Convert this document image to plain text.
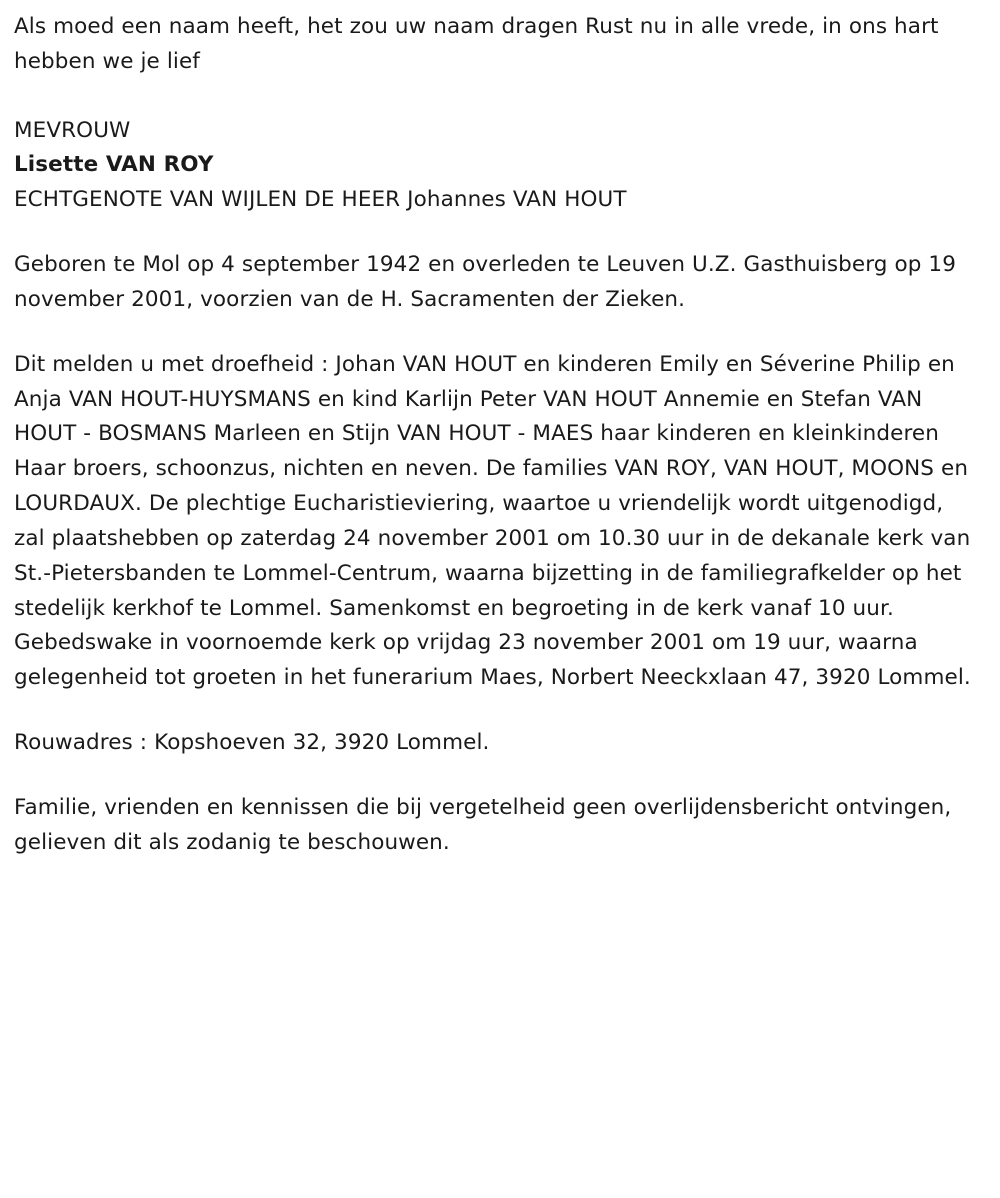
Als moed een naam heeft, het zou uw naam dragen Rust nu in alle vrede, in ons hart hebben we je lief

MEVROUW

Lisette VAN ROY

ECHTGENOTE VAN WIJLEN DE HEER Johannes VAN HOUT

Geboren te Mol op 4 september 1942 en overleden te Leuven U.Z. Gasthuisberg op 19 november 2001, voorzien van de H. Sacramenten der Zieken.

Dit melden u met droefheid : Johan VAN HOUT en kinderen Emily en Séverine Philip en Anja VAN HOUT-HUYSMANS en kind Karlijn Peter VAN HOUT Annemie en Stefan VAN HOUT - BOSMANS Marleen en Stijn VAN HOUT - MAES haar kinderen en kleinkinderen Haar broers, schoonzus, nichten en neven. De families VAN ROY, VAN HOUT, MOONS en LOURDAUX. De plechtige Eucharistieviering, waartoe u vriendelijk wordt uitgenodigd, zal plaatshebben op zaterdag 24 november 2001 om 10.30 uur in de dekanale kerk van St.-Pietersbanden te Lommel-Centrum, waarna bijzetting in de familiegrafkelder op het stedelijk kerkhof te Lommel. Samenkomst en begroeting in de kerk vanaf 10 uur. Gebedswake in voornoemde kerk op vrijdag 23 november 2001 om 19 uur, waarna gelegenheid tot groeten in het funerarium Maes, Norbert Neeckxlaan 47, 3920 Lommel.

Rouwadres : Kopshoeven 32, 3920 Lommel.

Familie, vrienden en kennissen die bij vergetelheid geen overlijdensbericht ontvingen, gelieven dit als zodanig te beschouwen.
